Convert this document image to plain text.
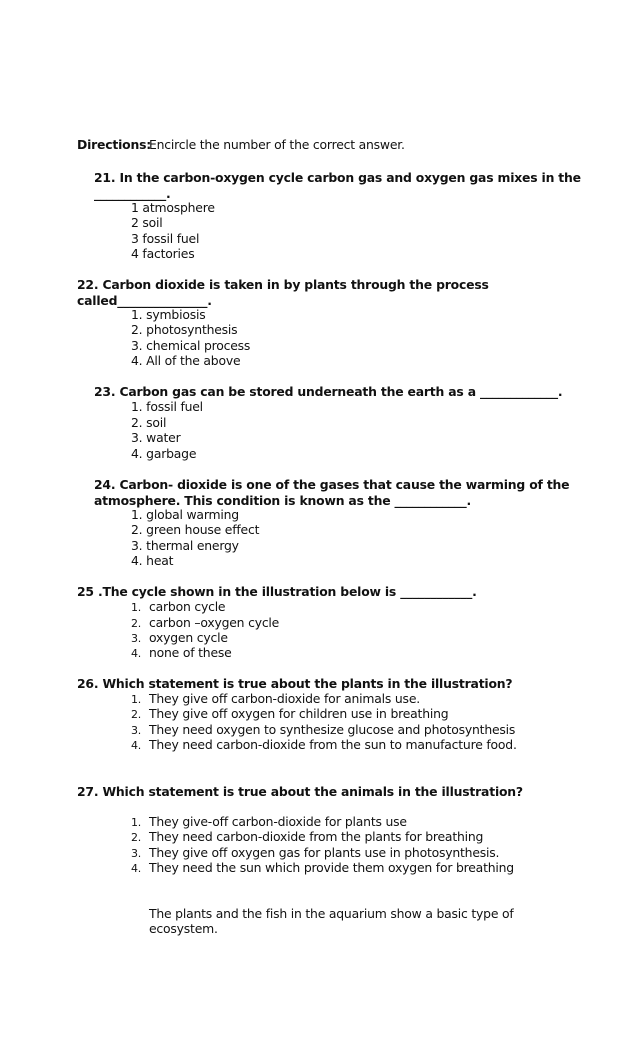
Directions:
Encircle the number of the correct answer.
21. In the carbon-oxygen cycle carbon gas and oxygen gas mixes in the
____________.
1 atmosphere
2 soil
3 fossil fuel
4 factories
22. Carbon dioxide is taken in by plants through the process
called_______________.
1. symbiosis
2. photosynthesis
3. chemical process
4. All of the above
23. Carbon gas can be stored underneath the earth as a _____________.
1. fossil fuel
2. soil
3. water
4. garbage
24. Carbon- dioxide is one of the gases that cause the warming of the
atmosphere. This condition is known as the ____________.
1. global warming
2. green house effect
3. thermal energy
4. heat
25 .The cycle shown in the illustration below is ____________.
1. carbon cycle
2. carbon –oxygen cycle
3. oxygen cycle
4. none of these
26. Which statement is true about the plants in the illustration?
1. They give off carbon-dioxide for animals use.
2. They give off oxygen for children use in breathing
3. They need oxygen to synthesize glucose and photosynthesis
4. They need carbon-dioxide from the sun to manufacture food.
27. Which statement is true about the animals in the illustration?
1. They give-off carbon-dioxide for plants use
2. They need carbon-dioxide from the plants for breathing
3. They give off oxygen gas for plants use in photosynthesis.
4. They need the sun which provide them oxygen for breathing
The plants and the fish in the aquarium show a basic type of
ecosystem.
